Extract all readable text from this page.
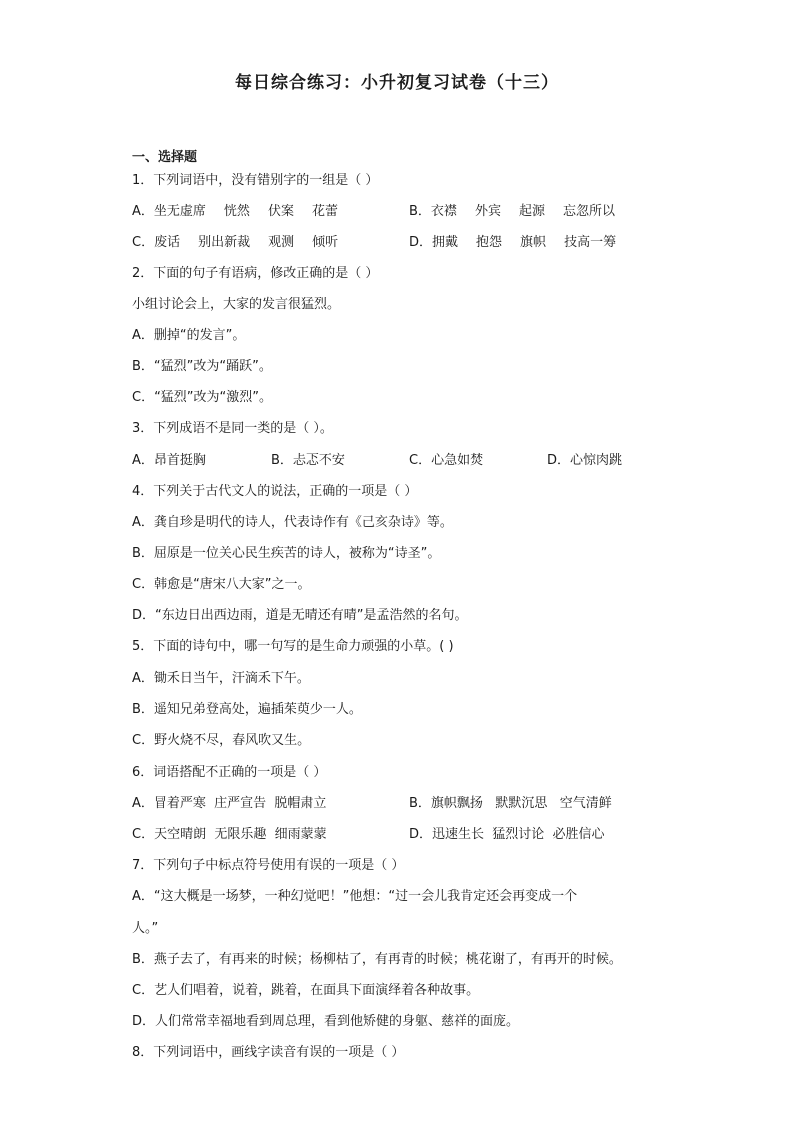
每日综合练习：小升初复习试卷（十三）
一、选择题
1．下列词语中，没有错别字的一组是（ ）
A．坐无虚席 恍然 伏案 花蕾	B．衣襟 外宾 起源 忘忽所以
C．废话 别出新裁 观测 倾听	D．拥戴 抱怨 旗帜 技高一筹
2．下面的句子有语病，修改正确的是（ ）
小组讨论会上，大家的发言很猛烈。
A．删掉“的发言”。
B．“猛烈”改为“踊跃”。
C．“猛烈”改为“激烈”。
3．下列成语不是同一类的是（ ）。
A．昂首挺胸	B．忐忑不安	C．心急如焚	D．心惊肉跳
4．下列关于古代文人的说法，正确的一项是（ ）
A．龚自珍是明代的诗人，代表诗作有《己亥杂诗》等。
B．屈原是一位关心民生疾苦的诗人，被称为“诗圣”。
C．韩愈是“唐宋八大家”之一。
D．“东边日出西边雨，道是无晴还有晴”是孟浩然的名句。
5．下面的诗句中，哪一句写的是生命力顽强的小草。( )
A．锄禾日当午，汗滴禾下午。
B．遥知兄弟登高处，遍插茱萸少一人。
C．野火烧不尽，春风吹又生。
6．词语搭配不正确的一项是（ ）
A．冒着严寒  庄严宣告  脱帽肃立	B．旗帜飘扬   默默沉思   空气清鲜
C．天空晴朗  无限乐趣  细雨蒙蒙	D．迅速生长  猛烈讨论  必胜信心
7．下列句子中标点符号使用有误的一项是（ ）
A．“这大概是一场梦，一种幻觉吧！”他想：“过一会儿我肯定还会再变成一个
人。”
B．燕子去了，有再来的时候；杨柳枯了，有再青的时候；桃花谢了，有再开的时候。
C．艺人们唱着，说着，跳着，在面具下面演绎着各种故事。
D．人们常常幸福地看到周总理，看到他矫健的身躯、慈祥的面庞。
8．下列词语中，画线字读音有误的一项是（ ）
